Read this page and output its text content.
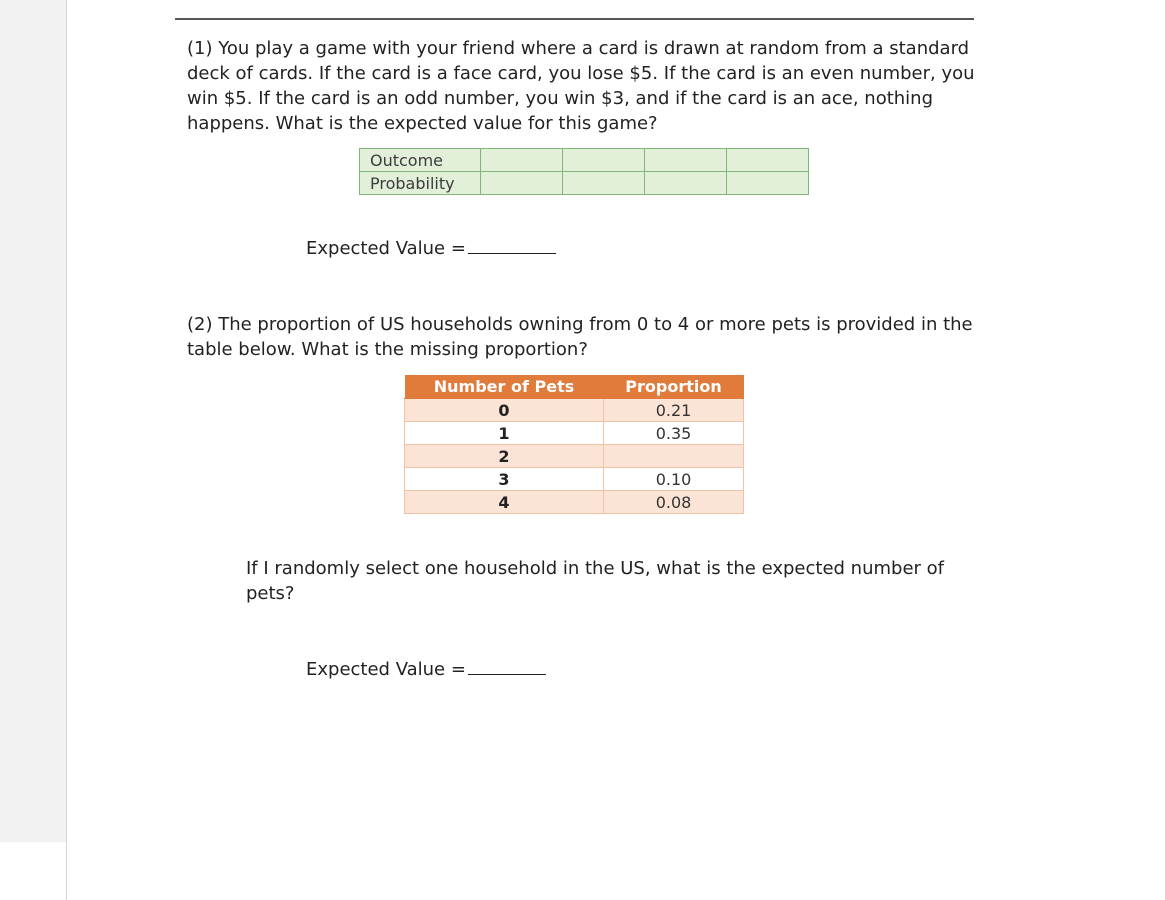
(1) You play a game with your friend where a card is drawn at random from a standard deck of cards. If the card is a face card, you lose $5. If the card is an even number, you win $5. If the card is an odd number, you win $3, and if the card is an ace, nothing happens. What is the expected value for this game?

Outcome				
Probability				
Expected Value =

(2) The proportion of US households owning from 0 to 4 or more pets is provided in the table below. What is the missing proportion?

Number of Pets	Proportion
0	0.21
1	0.35
2	
3	0.10
4	0.08

If I randomly select one household in the US, what is the expected number of pets?

Expected Value =
